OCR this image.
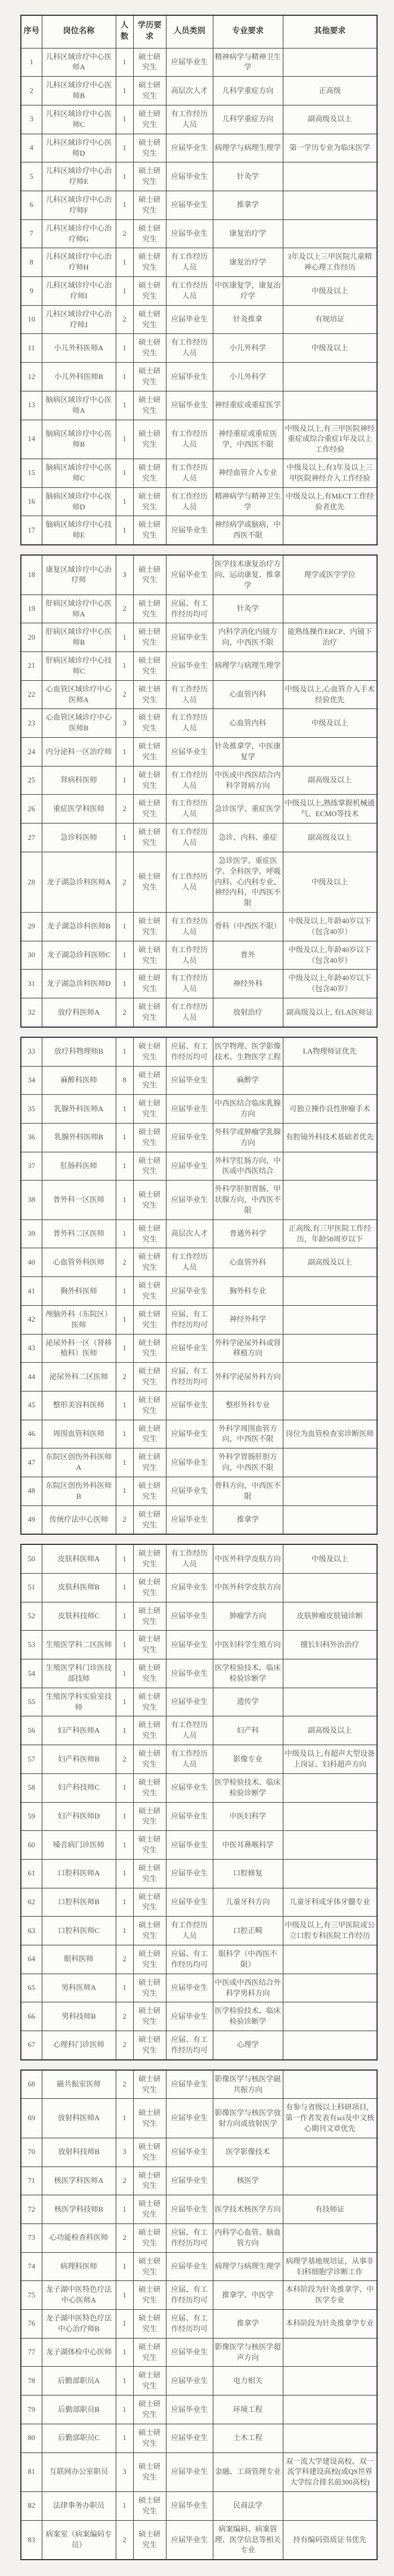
序号	岗位名称	人数	学历要求	人员类别	专业要求	其他要求
1	儿科区域诊疗中心医师A	1	硕士研究生	应届毕业生	精神病学与精神卫生学	
2	儿科区域诊疗中心医师B	1	硕士研究生	高层次人才	儿科学重症方向	正高级
3	儿科区域诊疗中心医师C	1	硕士研究生	有工作经历人员	儿科学重症方向	副高级及以上
4	儿科区域诊疗中心医师D	1	硕士研究生	应届毕业生	病理学与病理生理学	第一学历专业为临床医学
5	儿科区域诊疗中心治疗师E	1	硕士研究生	应届毕业生	针灸学	
6	儿科区域诊疗中心治疗师F	1	硕士研究生	应届毕业生	推拿学	
7	儿科区域诊疗中心治疗师G	2	硕士研究生	应届毕业生	康复治疗学	
8	儿科区域诊疗中心治疗师H	1	硕士研究生	有工作经历人员	康复治疗学	3年及以上三甲医院儿童精神心理工作经历
9	儿科区域诊疗中心治疗师I	1	硕士研究生	有工作经历人员	中医康复学，康复治疗学	中级及以上
10	儿科区域诊疗中心治疗师J	2	硕士研究生	应届毕业生	针灸推拿	有规培证
11	小儿外科医师A	1	硕士研究生	有工作经历人员	小儿外科学	中级及以上
12	小儿外科医师B	1	硕士研究生	应届毕业生	小儿外科学	
13	脑病区域诊疗中心医师A	1	硕士研究生	应届毕业生	神经重症或重症医学	
14	脑病区域诊疗中心医师B	1	硕士研究生	有工作经历人员	神经重症或重症医学，中西医不限	中级及以上,有三甲医院神经重症或综合重症1年及以上工作经验
15	脑病区域诊疗中心医师C	1	硕士研究生	有工作经历人员	神经血管介入专业	中级及以上,有3年及以上三甲医院神经介入工作经验
16	脑病区域诊疗中心医师D	1	硕士研究生	有工作经历人员	精神病学与精神卫生学	中级及以上,有MECT工作经验者优先
17	脑病区域诊疗中心技师E	1	硕士研究生	应届毕业生	神经病学或脑病，中西医不限	
18	康复区域诊疗中心治疗师	3	硕士研究生	应届毕业生	医学技术康复治疗方向、运动康复、推拿学	理学或医学学位
19	肝病区域诊疗中心医师A	2	硕士研究生	应届、有工作经历均可	针灸学	
20	肝病区域诊疗中心医师B	1	硕士研究生	应届毕业生	内科学消化内镜方向，中西医不限	能熟练操作ERCP、内镜下治疗
21	肝病区域诊疗中心技师C	1	硕士研究生	应届毕业生	病理学与病理生理学	
22	心血管区域诊疗中心医师A	2	硕士研究生	有工作经历人员	心血管内科	中级及以上,心血管介入手术经验优先
23	心血管区域诊疗中心医师B	3	硕士研究生	有工作经历人员	心血管内科	中级及以上
24	内分泌科一区治疗师	1	硕士研究生	应届毕业生	针灸推拿学，中医康复学	
25	肾病科医师	1	硕士研究生	有工作经历人员	中医或中西医结合内科学肾病方向	副高级及以上
26	重症医学科医师	2	硕士研究生	有工作经历人员	急诊医学、重症医学	中级及以上,熟练掌握机械通气、ECMO等技术
27	急诊科医师	1	硕士研究生	有工作经历人员	急诊、内科、重症	副高级及以上
28	龙子湖急诊科医师A	2	硕士研究生	有工作经历人员	急诊医学、重症医学、全科医学、呼吸内科、心内科专业、神经内科，中西医不限	中级及以上
29	龙子湖急诊科医师B	1	硕士研究生	有工作经历人员	骨科（中西医不限）	中级及以上,年龄40岁以下（包含40岁）
30	龙子湖急诊科医师C	1	硕士研究生	有工作经历人员	普外	中级及以上,年龄40岁以下（包含40岁）
31	龙子湖急诊科医师D	1	硕士研究生	有工作经历人员	神经外科	中级及以上,年龄40岁以下（包含40岁）
32	放疗科医师A	2	硕士研究生	有工作经历人员	放射治疗	副高级及以上, 有LA医师证
33	放疗科物理师B	1	硕士研究生	应届、有工作经历均可	医学物理、医学影像技术、生物医学工程	LA物理师证优先
34	麻醉科医师	8	硕士研究生	应届毕业生	麻醉学	
35	乳腺外科医师A	1	硕士研究生	应届毕业生	中西医结合临床乳腺方向	可独立操作良性肿瘤手术
36	乳腺外科医师B	1	硕士研究生	应届毕业生	外科学或肿瘤学乳腺方向	有腔镜外科技术基础者优先
37	肛肠科医师	1	硕士研究生	应届毕业生	外科学肛肠方向，中医或中西医结合	
38	普外科一区医师	1	硕士研究生	应届毕业生	外科学肝胆胃肠、甲状腺方向，中西医不限	
39	普外科二区医师	1	硕士研究生	高层次人才	普通外科学	正高级,有三甲医院工作经历，年龄50周岁以下
40	心血管外科医师	2	硕士研究生	有工作经历人员	心血管外科	副高级及以上
41	胸外科医师	1	硕士研究生	应届毕业生	胸外科专业	
42	颅脑外科（东院区）医师	1	硕士研究生	应届、有工作经历均可	神经外科学	
43	泌尿外科一区（肾移植科）医师	1	硕士研究生	应届毕业生	外科学泌尿外科或肾移植方向	
44	泌尿外科二区医师	2	硕士研究生	应届、有工作经历均可	外科学泌尿外科方向	
45	整形美容科医师	1	硕士研究生	应届毕业生	整形外科专业	
46	周围血管科医师	1	硕士研究生	应届毕业生	外科学周围血管方向，中西医不限	岗位为血管检查室诊断医师
47	东院区创伤外科医师A	1	硕士研究生	应届毕业生	外科学胃肠肝胆方向，中西医不限	
48	东院区创伤外科医师B	1	硕士研究生	应届毕业生	骨科方向，中西医不限	
49	传统疗法中心医师	2	硕士研究生	应届毕业生	推拿学	
50	皮肤科医师A	1	硕士研究生	有工作经历人员	中医外科学皮肤方向	中级及以上
51	皮肤科医师B	1	硕士研究生	应届毕业生	中医外科学皮肤方向	
52	皮肤科技师C	1	硕士研究生	应届毕业生	肿瘤学方向	皮肤肿瘤皮肤镜诊断
53	生殖医学科二区医师	1	硕士研究生	应届毕业生	中医妇科学生殖方向	擅长妇科外治治疗
54	生殖医学科门诊医技部技师	1	硕士研究生	应届毕业生	医学检验技术、临床检验诊断学	
55	生殖医学科实验室技师	1	硕士研究生	应届毕业生	遗传学	
56	妇产科医师A	1	硕士研究生	有工作经历人员	妇产科	副高级及以上
57	妇产科医师B	2	硕士研究生	有工作经历人员	影像专业	中级及以上,有超声大型设备上岗证、妇科超声方向
58	妇产科技师C	1	硕士研究生	应届毕业生	医学检验技术、临床检验诊断学	
59	妇产科医师D	1	硕士研究生	应届毕业生	中医妇科学	
60	嗓音病门诊医师	1	硕士研究生	应届毕业生	中医耳鼻喉科学	
61	口腔科医师A	1	硕士研究生	应届毕业生	口腔修复	
62	口腔科医师B	1	硕士研究生	应届毕业生	儿童牙科方向	儿童牙科或牙体牙髓专业
63	口腔科医师C	1	硕士研究生	有工作经历人员	口腔正畸	中级及以上,有三甲医院或公立口腔专科医院工作经历
64	眼科医师	2	硕士研究生	应届、有工作经历均可	眼科学（中西医不限）	
65	男科医师A	1	硕士研究生	应届毕业生	中医或中西医结合外科学男科方向	
66	男科技师B	2	硕士研究生	应届毕业生	医学检验技术、临床检验诊断学	
67	心理科门诊医师	2	硕士研究生	应届、有工作经历均可	心理学	
68	磁共振室医师	2	硕士研究生	应届毕业生	影像医学与核医学磁共振方向	
69	放射科医师A	1	硕士研究生	应届毕业生	影像医学与核医学放射方向或放射医学	有参与省级以上科研项目，第一作者发表有sci及中文核心期刊文章优先
70	放射科技师B	3	硕士研究生	应届毕业生	医学影像技术	
71	核医学科医师A	2	硕士研究生	应届毕业生	核医学	
72	核医学科技师B	1	硕士研究生	应届毕业生	医学技术核医学方向	有技师证
73	心功能检查科医师	2	硕士研究生	应届、有工作经历均可	内科学心血管、脑血管方向	
74	病理科医师	1	硕士研究生	应届毕业生	病理学与病理生理学	病理学基地规培证，从事非妇科细胞学诊断工作
75	龙子湖中医特色疗法中心医师A	1	硕士研究生	应届、有工作经历均可	推拿学、中医学	本科阶段为针灸推拿学、中医学专业
76	龙子湖中医特色疗法中心治疗师B	1	硕士研究生	应届、有工作经历均可	推拿学	本科阶段为针灸推拿学专业
77	龙子湖体检中心医师	1	硕士研究生	应届毕业生	影像医学与核医学超声方向	
78	后勤部职员A	1	硕士研究生	应届毕业生	电力相关	
79	后勤部职员B	1	硕士研究生	应届毕业生	环境工程	
80	后勤部职员C	1	硕士研究生	应届毕业生	土木工程	
81	互联网办公室职员	3	硕士研究生	应届毕业生	金融、工商管理专业	双一流大学建设高校、双一流学科建设高校(或QS世界大学综合排名前300高校)
82	法律事务办职员	1	硕士研究生	应届毕业生	民商法学	
83	病案室（病案编码专员）	2	硕士研究生	应届毕业生	病案编码、病案管理、医学信息等相关专业	持有编码资质证书优先
